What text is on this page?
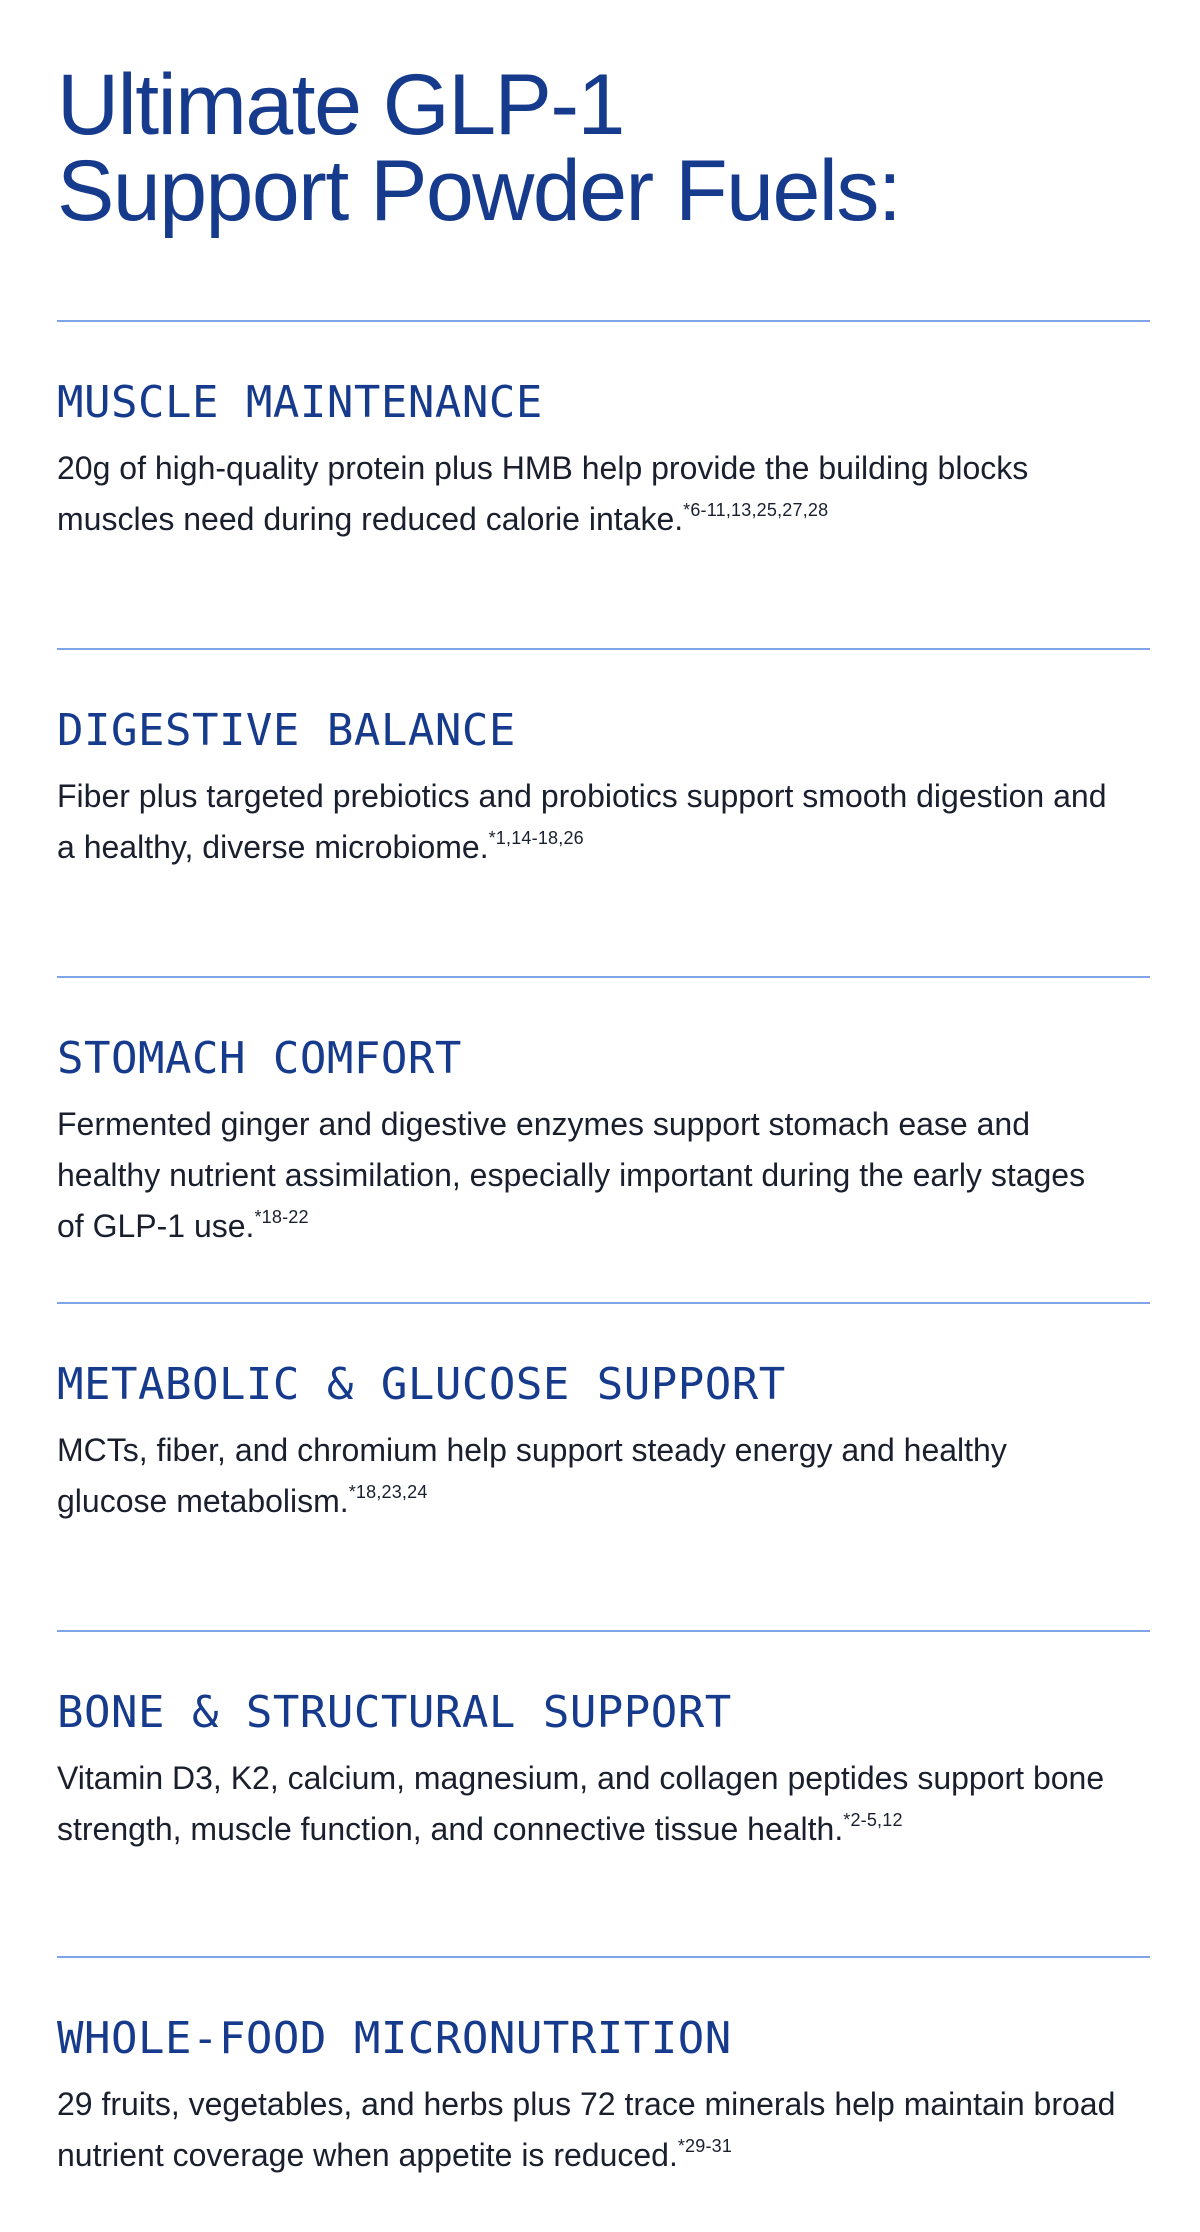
Ultimate GLP-1
Support Powder Fuels:
MUSCLE MAINTENANCE

20g of high-quality protein plus HMB help provide the building blocks muscles need during reduced calorie intake.$^{*6-11,13,25,27,28}$

DIGESTIVE BALANCE

Fiber plus targeted prebiotics and probiotics support smooth digestion and a healthy, diverse microbiome.$^{*1,14-18,26}$

STOMACH COMFORT

Fermented ginger and digestive enzymes support stomach ease and healthy nutrient assimilation, especially important during the early stages of GLP-1 use.$^{*18-22}$

METABOLIC & GLUCOSE SUPPORT

MCTs, fiber, and chromium help support steady energy and healthy glucose metabolism.$^{*18,23,24}$

BONE & STRUCTURAL SUPPORT

Vitamin D3, K2, calcium, magnesium, and collagen peptides support bone strength, muscle function, and connective tissue health.$^{*2-5,12}$

WHOLE-FOOD MICRONUTRITION

29 fruits, vegetables, and herbs plus 72 trace minerals help maintain broad nutrient coverage when appetite is reduced.$^{*29-31}$
